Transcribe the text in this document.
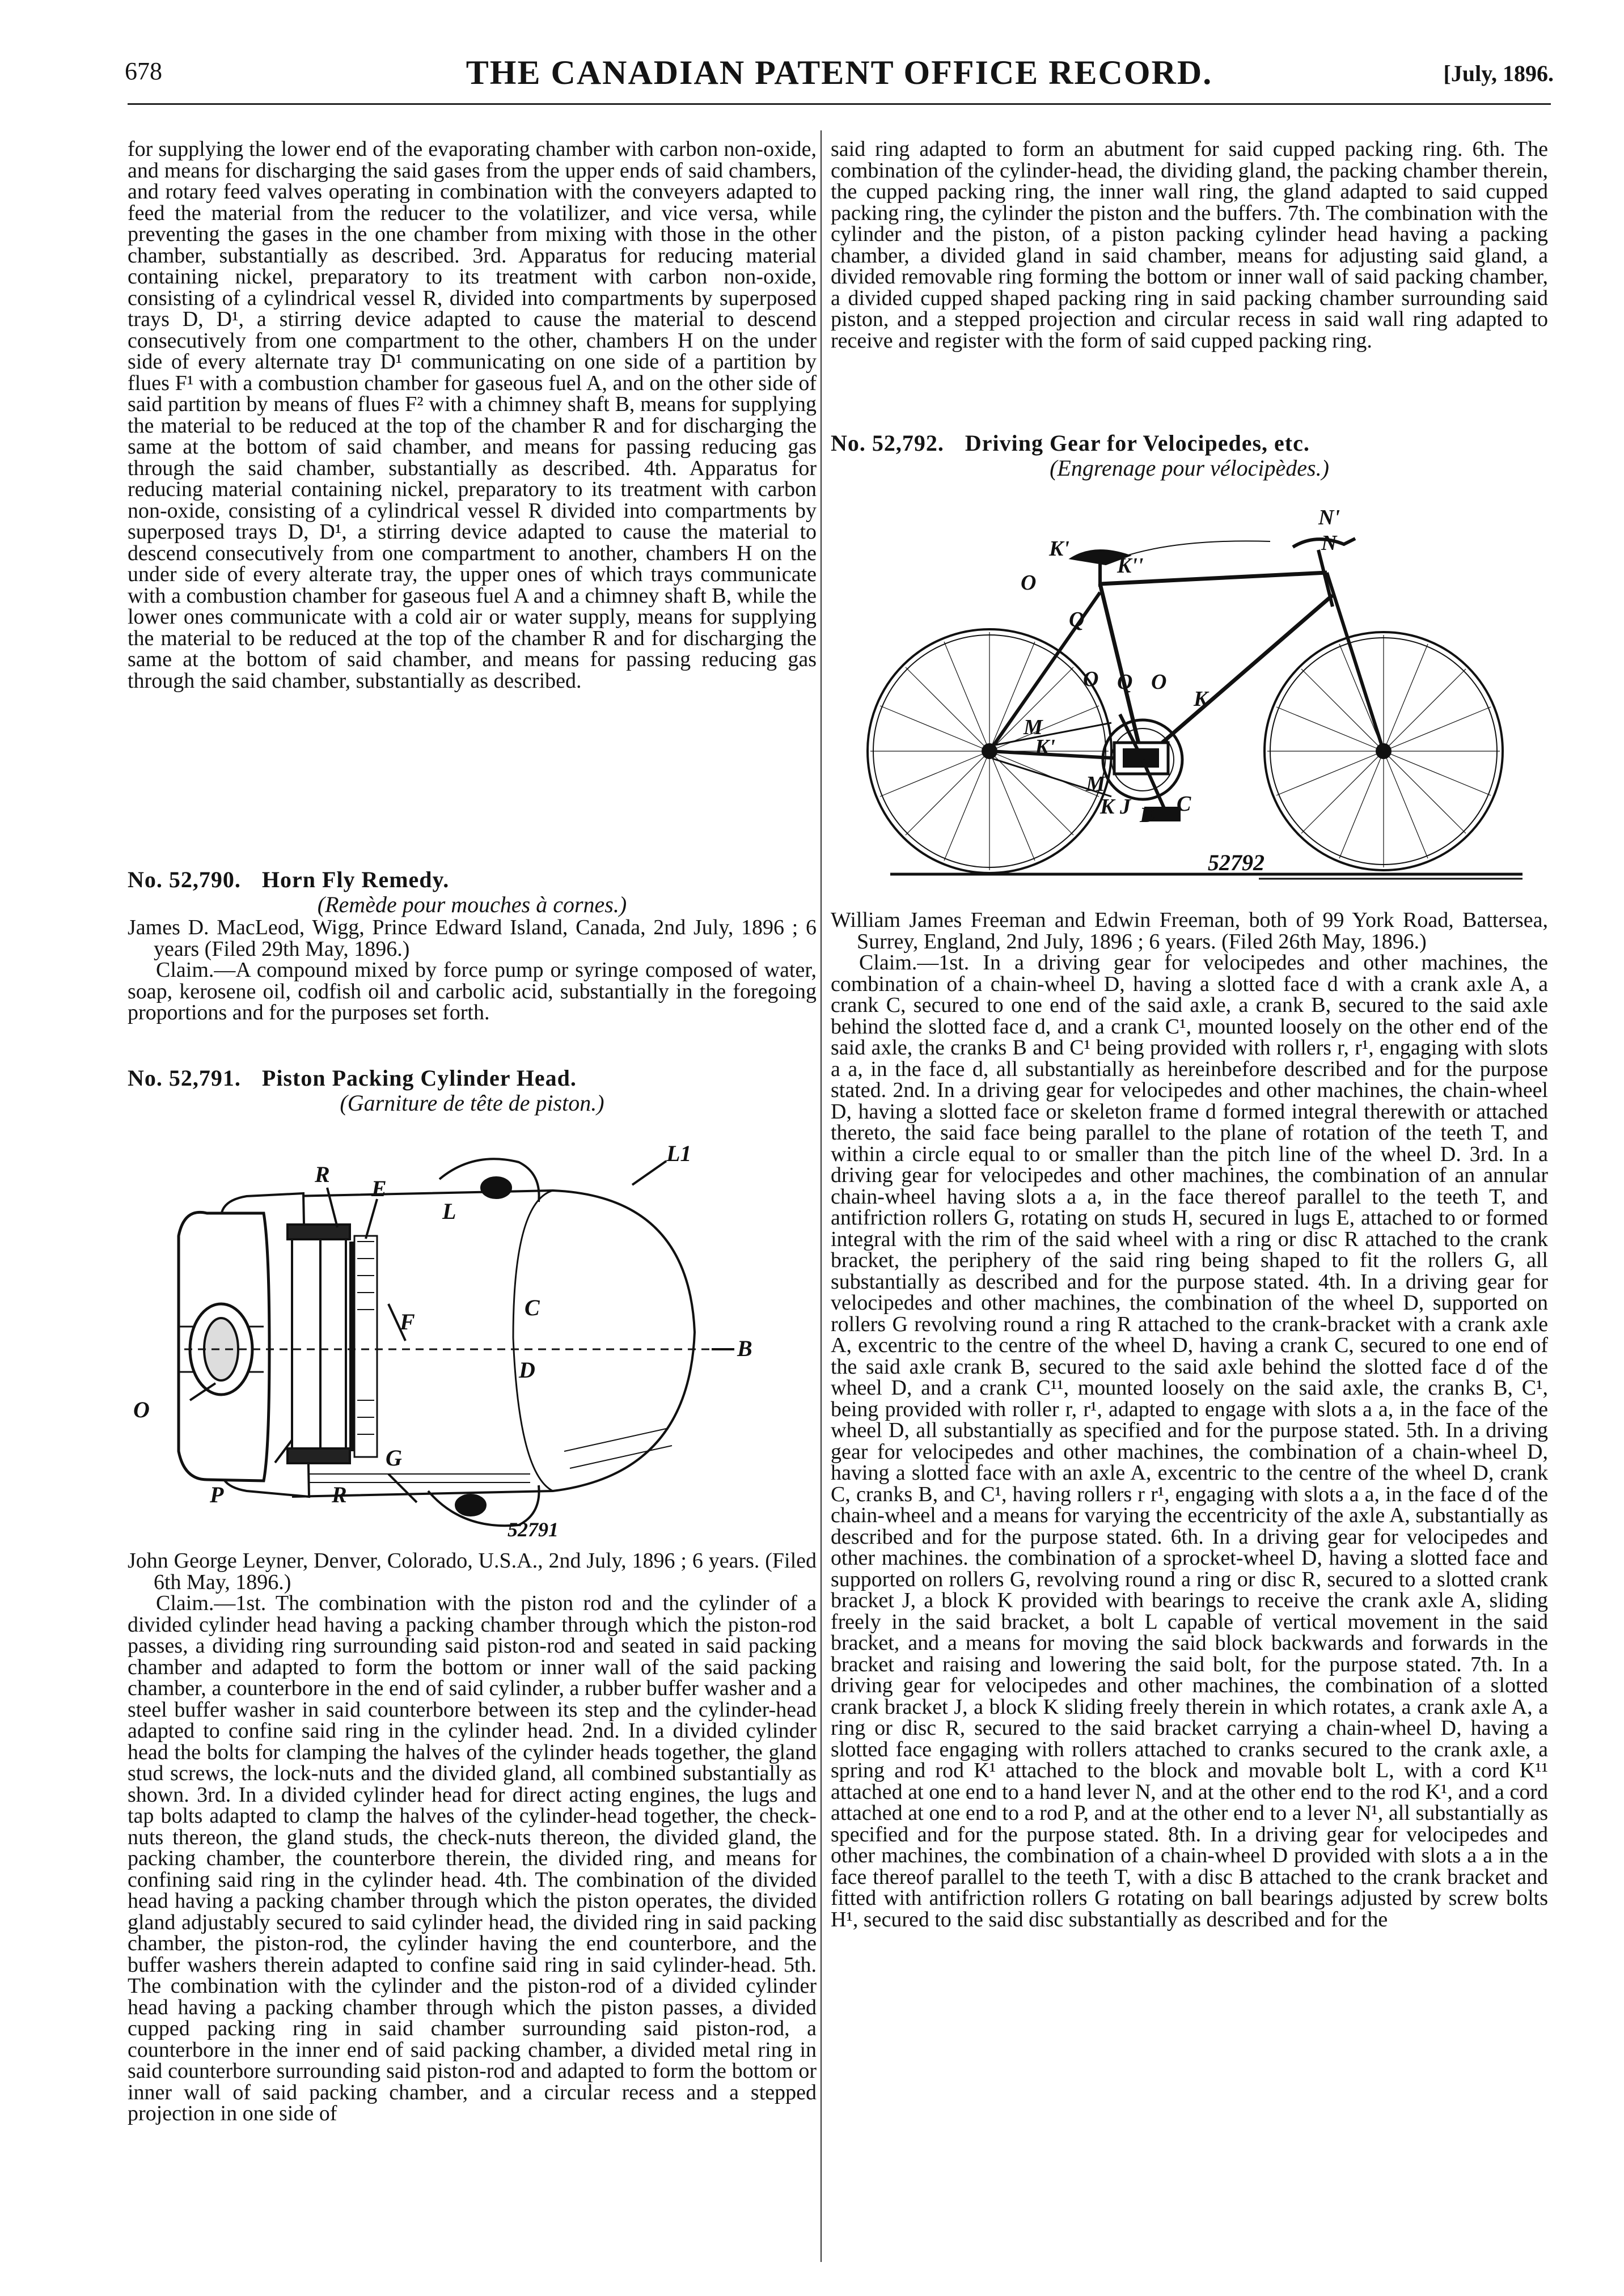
678	THE CANADIAN PATENT OFFICE RECORD.	[July, 1896.

for supplying the lower end of the evaporating chamber with carbon non-oxide, and means for discharging the said gases from the upper ends of said chambers, and rotary feed valves operating in combination with the conveyers adapted to feed the material from the reducer to the volatilizer, and vice versa, while preventing the gases in the one chamber from mixing with those in the other chamber, substantially as described. 3rd. Apparatus for reducing material containing nickel, preparatory to its treatment with carbon non-oxide, consisting of a cylindrical vessel R, divided into compartments by superposed trays D, D¹, a stirring device adapted to cause the material to descend consecutively from one compartment to the other, chambers H on the under side of every alternate tray D¹ communicating on one side of a partition by flues F¹ with a combustion chamber for gaseous fuel A, and on the other side of said partition by means of flues F² with a chimney shaft B, means for supplying the material to be reduced at the top of the chamber R and for discharging the same at the bottom of said chamber, and means for passing reducing gas through the said chamber, substantially as described. 4th. Apparatus for reducing material containing nickel, preparatory to its treatment with carbon non-oxide, consisting of a cylindrical vessel R divided into compartments by superposed trays D, D¹, a stirring device adapted to cause the material to descend consecutively from one compartment to another, chambers H on the under side of every alterate tray, the upper ones of which trays communicate with a combustion chamber for gaseous fuel A and a chimney shaft B, while the lower ones communicate with a cold air or water supply, means for supplying the material to be reduced at the top of the chamber R and for discharging the same at the bottom of said chamber, and means for passing reducing gas through the said chamber, substantially as described.

No. 52,790. Horn Fly Remedy.

(Remède pour mouches à cornes.)

James D. MacLeod, Wigg, Prince Edward Island, Canada, 2nd July, 1896 ; 6 years (Filed 29th May, 1896.)

Claim.—A compound mixed by force pump or syringe composed of water, soap, kerosene oil, codfish oil and carbolic acid, substantially in the foregoing proportions and for the purposes set forth.

No. 52,791. Piston Packing Cylinder Head.

(Garniture de tête de piston.)

R
E
L
L1
C
F
B
D
O
G
P	R
52791

John George Leyner, Denver, Colorado, U.S.A., 2nd July, 1896 ; 6 years. (Filed 6th May, 1896.)

Claim.—1st. The combination with the piston rod and the cylinder of a divided cylinder head having a packing chamber through which the piston-rod passes, a dividing ring surrounding said piston-rod and seated in said packing chamber and adapted to form the bottom or inner wall of the said packing chamber, a counterbore in the end of said cylinder, a rubber buffer washer and a steel buffer washer in said counterbore between its step and the cylinder-head adapted to confine said ring in the cylinder head. 2nd. In a divided cylinder head the bolts for clamping the halves of the cylinder heads together, the gland stud screws, the lock-nuts and the divided gland, all combined substantially as shown. 3rd. In a divided cylinder head for direct acting engines, the lugs and tap bolts adapted to clamp the halves of the cylinder-head together, the check-nuts thereon, the gland studs, the check-nuts thereon, the divided gland, the packing chamber, the counterbore therein, the divided ring, and means for confining said ring in the cylinder head. 4th. The combination of the divided head having a packing chamber through which the piston operates, the divided gland adjustably secured to said cylinder head, the divided ring in said packing chamber, the piston-rod, the cylinder having the end counterbore, and the buffer washers therein adapted to confine said ring in said cylinder-head. 5th. The combination with the cylinder and the piston-rod of a divided cylinder head having a packing chamber through which the piston passes, a divided cupped packing ring in said chamber surrounding said piston-rod, a counterbore in the inner end of said packing chamber, a divided metal ring in said counterbore surrounding said piston-rod and adapted to form the bottom or inner wall of said packing chamber, and a circular recess and a stepped projection in one side of

said ring adapted to form an abutment for said cupped packing ring. 6th. The combination of the cylinder-head, the dividing gland, the packing chamber therein, the cupped packing ring, the inner wall ring, the gland adapted to said cupped packing ring, the cylinder the piston and the buffers. 7th. The combination with the cylinder and the piston, of a piston packing cylinder head having a packing chamber, a divided gland in said chamber, means for adjusting said gland, a divided removable ring forming the bottom or inner wall of said packing chamber, a divided cupped shaped packing ring in said packing chamber surrounding said piston, and a stepped projection and circular recess in said wall ring adapted to receive and register with the form of said cupped packing ring.

No. 52,792. Driving Gear for Velocipedes, etc.

(Engrenage pour vélocipèdes.)

N'
N
K'
K''
O
Q
O Q O
K
M
K'
M
K J D C
52792

William James Freeman and Edwin Freeman, both of 99 York Road, Battersea, Surrey, England, 2nd July, 1896 ; 6 years. (Filed 26th May, 1896.)

Claim.—1st. In a driving gear for velocipedes and other machines, the combination of a chain-wheel D, having a slotted face d with a crank axle A, a crank C, secured to one end of the said axle, a crank B, secured to the said axle behind the slotted face d, and a crank C¹, mounted loosely on the other end of the said axle, the cranks B and C¹ being provided with rollers r, r¹, engaging with slots a a, in the face d, all substantially as hereinbefore described and for the purpose stated. 2nd. In a driving gear for velocipedes and other machines, the chain-wheel D, having a slotted face or skeleton frame d formed integral therewith or attached thereto, the said face being parallel to the plane of rotation of the teeth T, and within a circle equal to or smaller than the pitch line of the wheel D. 3rd. In a driving gear for velocipedes and other machines, the combination of an annular chain-wheel having slots a a, in the face thereof parallel to the teeth T, and antifriction rollers G, rotating on studs H, secured in lugs E, attached to or formed integral with the rim of the said wheel with a ring or disc R attached to the crank bracket, the periphery of the said ring being shaped to fit the rollers G, all substantially as described and for the purpose stated. 4th. In a driving gear for velocipedes and other machines, the combination of the wheel D, supported on rollers G revolving round a ring R attached to the crank-bracket with a crank axle A, excentric to the centre of the wheel D, having a crank C, secured to one end of the said axle crank B, secured to the said axle behind the slotted face d of the wheel D, and a crank C¹¹, mounted loosely on the said axle, the cranks B, C¹, being provided with roller r, r¹, adapted to engage with slots a a, in the face of the wheel D, all substantially as specified and for the purpose stated. 5th. In a driving gear for velocipedes and other machines, the combination of a chain-wheel D, having a slotted face with an axle A, excentric to the centre of the wheel D, crank C, cranks B, and C¹, having rollers r r¹, engaging with slots a a, in the face d of the chain-wheel and a means for varying the eccentricity of the axle A, substantially as described and for the purpose stated. 6th. In a driving gear for velocipedes and other machines. the combination of a sprocket-wheel D, having a slotted face and supported on rollers G, revolving round a ring or disc R, secured to a slotted crank bracket J, a block K provided with bearings to receive the crank axle A, sliding freely in the said bracket, a bolt L capable of vertical movement in the said bracket, and a means for moving the said block backwards and forwards in the bracket and raising and lowering the said bolt, for the purpose stated. 7th. In a driving gear for velocipedes and other machines, the combination of a slotted crank bracket J, a block K sliding freely therein in which rotates, a crank axle A, a ring or disc R, secured to the said bracket carrying a chain-wheel D, having a slotted face engaging with rollers attached to cranks secured to the crank axle, a spring and rod K¹ attached to the block and movable bolt L, with a cord K¹¹ attached at one end to a hand lever N, and at the other end to the rod K¹, and a cord attached at one end to a rod P, and at the other end to a lever N¹, all substantially as specified and for the purpose stated. 8th. In a driving gear for velocipedes and other machines, the combination of a chain-wheel D provided with slots a a in the face thereof parallel to the teeth T, with a disc B attached to the crank bracket and fitted with antifriction rollers G rotating on ball bearings adjusted by screw bolts H¹, secured to the said disc substantially as described and for the
